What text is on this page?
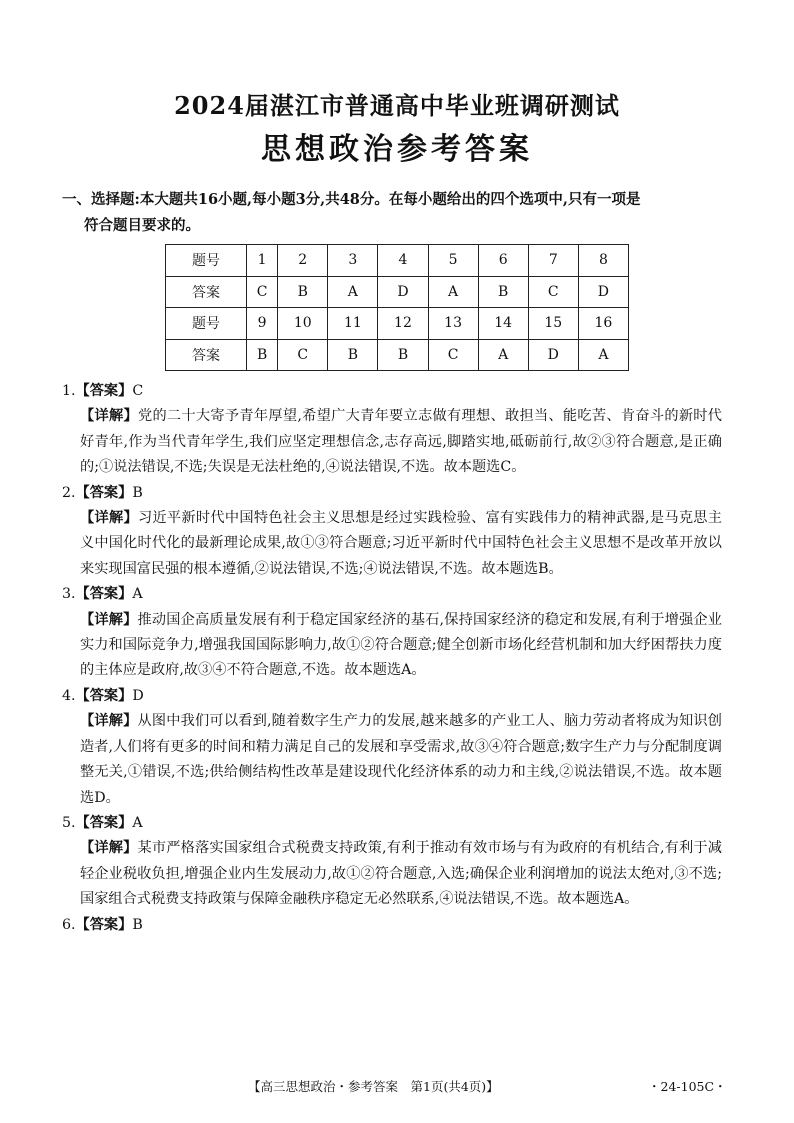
2024届湛江市普通高中毕业班调研测试
思想政治参考答案
一、选择题:本大题共16小题,每小题3分,共48分。在每小题给出的四个选项中,只有一项是
符合题目要求的。
题号	1	2	3	4	5	6	7	8
答案	C	B	A	D	A	B	C	D
题号	9	10	11	12	13	14	15	16
答案	B	C	B	B	C	A	D	A

1.【答案】C

【详解】党的二十大寄予青年厚望,希望广大青年要立志做有理想、敢担当、能吃苦、肯奋斗的新时代好青年,作为当代青年学生,我们应坚定理想信念,志存高远,脚踏实地,砥砺前行,故②③符合题意,是正确的;①说法错误,不选;失误是无法杜绝的,④说法错误,不选。故本题选C。

2.【答案】B

【详解】习近平新时代中国特色社会主义思想是经过实践检验、富有实践伟力的精神武器,是马克思主义中国化时代化的最新理论成果,故①③符合题意;习近平新时代中国特色社会主义思想不是改革开放以来实现国富民强的根本遵循,②说法错误,不选;④说法错误,不选。故本题选B。

3.【答案】A

【详解】推动国企高质量发展有利于稳定国家经济的基石,保持国家经济的稳定和发展,有利于增强企业实力和国际竞争力,增强我国国际影响力,故①②符合题意;健全创新市场化经营机制和加大纾困帮扶力度的主体应是政府,故③④不符合题意,不选。故本题选A。

4.【答案】D

【详解】从图中我们可以看到,随着数字生产力的发展,越来越多的产业工人、脑力劳动者将成为知识创造者,人们将有更多的时间和精力满足自己的发展和享受需求,故③④符合题意;数字生产力与分配制度调整无关,①错误,不选;供给侧结构性改革是建设现代化经济体系的动力和主线,②说法错误,不选。故本题选D。

5.【答案】A

【详解】某市严格落实国家组合式税费支持政策,有利于推动有效市场与有为政府的有机结合,有利于减轻企业税收负担,增强企业内生发展动力,故①②符合题意,入选;确保企业利润增加的说法太绝对,③不选;国家组合式税费支持政策与保障金融秩序稳定无必然联系,④说法错误,不选。故本题选A。

6.【答案】B

【高三思想政治・参考答案　第1页(共4页)】	・24-105C・
